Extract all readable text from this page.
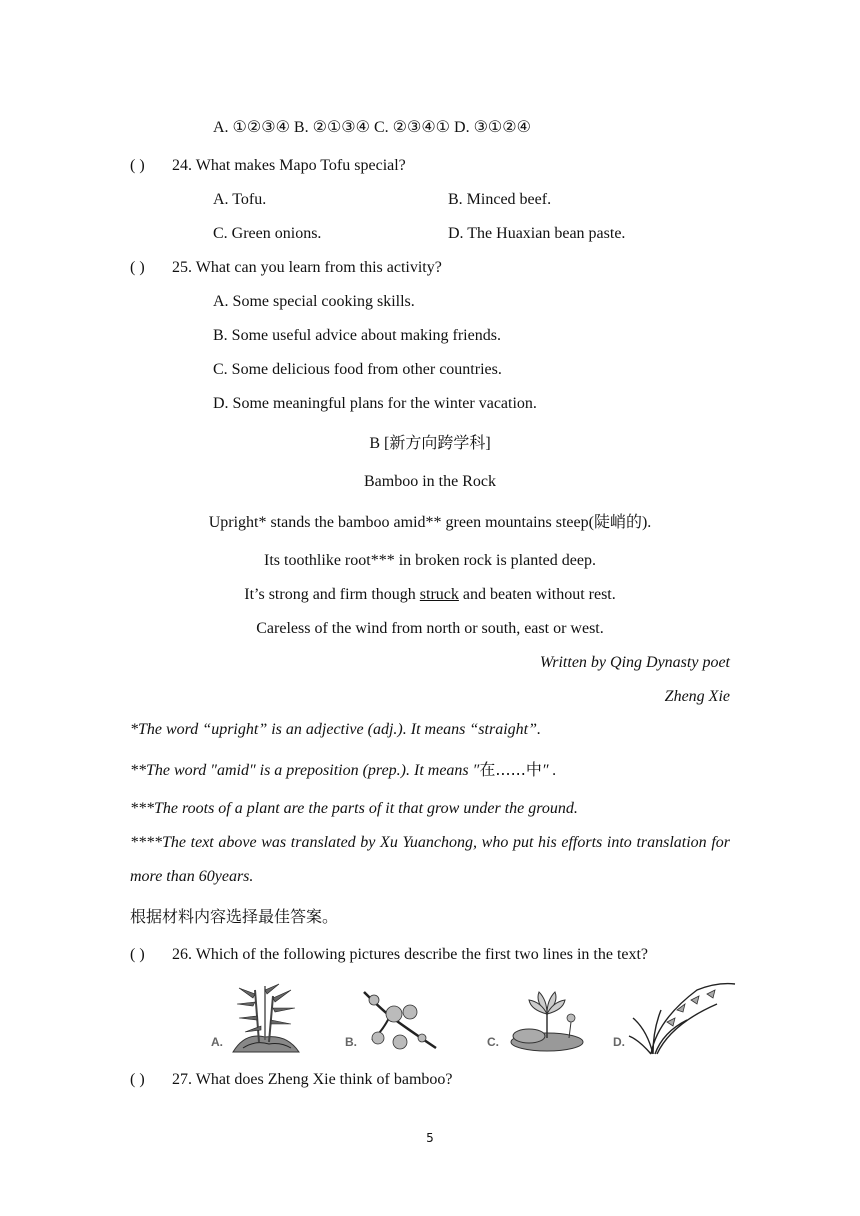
A. ①②③④ B. ②①③④ C. ②③④① D. ③①②④
( ) 24. What makes Mapo Tofu special?
A. Tofu.	B. Minced beef.
C. Green onions.	D. The Huaxian bean paste.
( ) 25. What can you learn from this activity?
A. Some special cooking skills.
B. Some useful advice about making friends.
C. Some delicious food from other countries.
D. Some meaningful plans for the winter vacation.
B [新方向跨学科]
Bamboo in the Rock
Upright* stands the bamboo amid** green mountains steep(陡峭的).
Its toothlike root*** in broken rock is planted deep.
It’s strong and firm though struck and beaten without rest.
Careless of the wind from north or south, east or west.
Written by Qing Dynasty poet
Zheng Xie
*The word “upright” is an adjective (adj.). It means “straight”.
**The word ″amid″ is a preposition (prep.). It means ″在......中″ .
***The roots of a plant are the parts of it that grow under the ground.
****The text above was translated by Xu Yuanchong, who put his efforts into translation for more than 60years.
根据材料内容选择最佳答案。
( ) 26. Which of the following pictures describe the first two lines in the text?
A.	B.	C.	D.
( ) 27. What does Zheng Xie think of bamboo?
5
